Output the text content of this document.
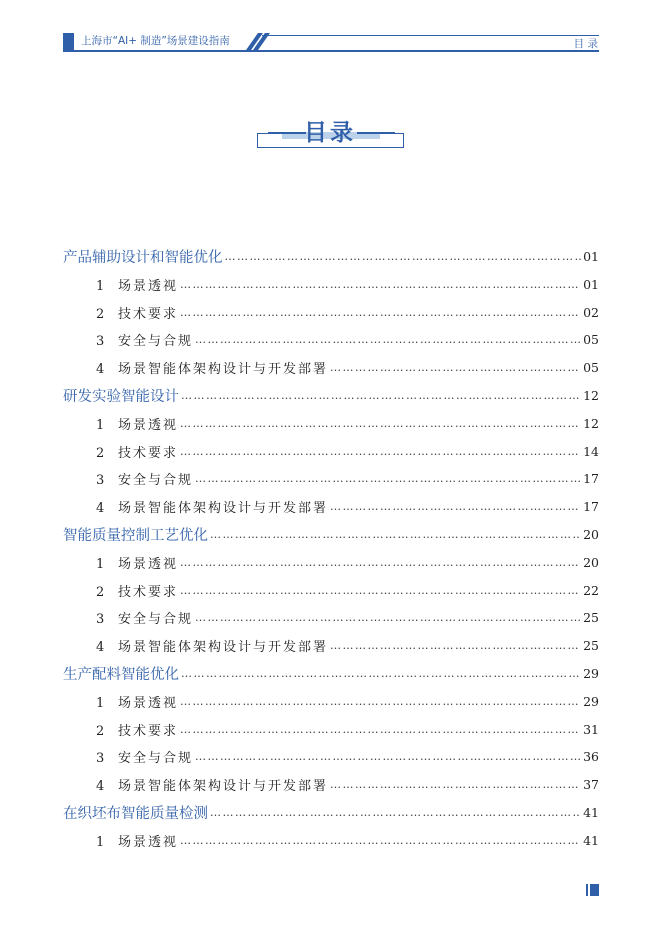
上海市“AI+ 制造”场景建设指南	目 录
目录
产品辅助设计和智能优化 ……………………………………………………………………………………………………………………………………………………………………………………………………………	01
1 场景透视 ……………………………………………………………………………………………………………………………………………………………………………………………………………	01
2 技术要求 ……………………………………………………………………………………………………………………………………………………………………………………………………………	02
3 安全与合规 ……………………………………………………………………………………………………………………………………………………………………………………………………………	05
4 场景智能体架构设计与开发部署 ……………………………………………………………………………………………………………………………………………………………………………………………………………	05
研发实验智能设计 ……………………………………………………………………………………………………………………………………………………………………………………………………………	12
1 场景透视 ……………………………………………………………………………………………………………………………………………………………………………………………………………	12
2 技术要求 ……………………………………………………………………………………………………………………………………………………………………………………………………………	14
3 安全与合规 ……………………………………………………………………………………………………………………………………………………………………………………………………………	17
4 场景智能体架构设计与开发部署 ……………………………………………………………………………………………………………………………………………………………………………………………………………	17
智能质量控制工艺优化 ……………………………………………………………………………………………………………………………………………………………………………………………………………	20
1 场景透视 ……………………………………………………………………………………………………………………………………………………………………………………………………………	20
2 技术要求 ……………………………………………………………………………………………………………………………………………………………………………………………………………	22
3 安全与合规 ……………………………………………………………………………………………………………………………………………………………………………………………………………	25
4 场景智能体架构设计与开发部署 ……………………………………………………………………………………………………………………………………………………………………………………………………………	25
生产配料智能优化 ……………………………………………………………………………………………………………………………………………………………………………………………………………	29
1 场景透视 ……………………………………………………………………………………………………………………………………………………………………………………………………………	29
2 技术要求 ……………………………………………………………………………………………………………………………………………………………………………………………………………	31
3 安全与合规 ……………………………………………………………………………………………………………………………………………………………………………………………………………	36
4 场景智能体架构设计与开发部署 ……………………………………………………………………………………………………………………………………………………………………………………………………………	37
在织坯布智能质量检测 ……………………………………………………………………………………………………………………………………………………………………………………………………………	41
1 场景透视 ……………………………………………………………………………………………………………………………………………………………………………………………………………	41
